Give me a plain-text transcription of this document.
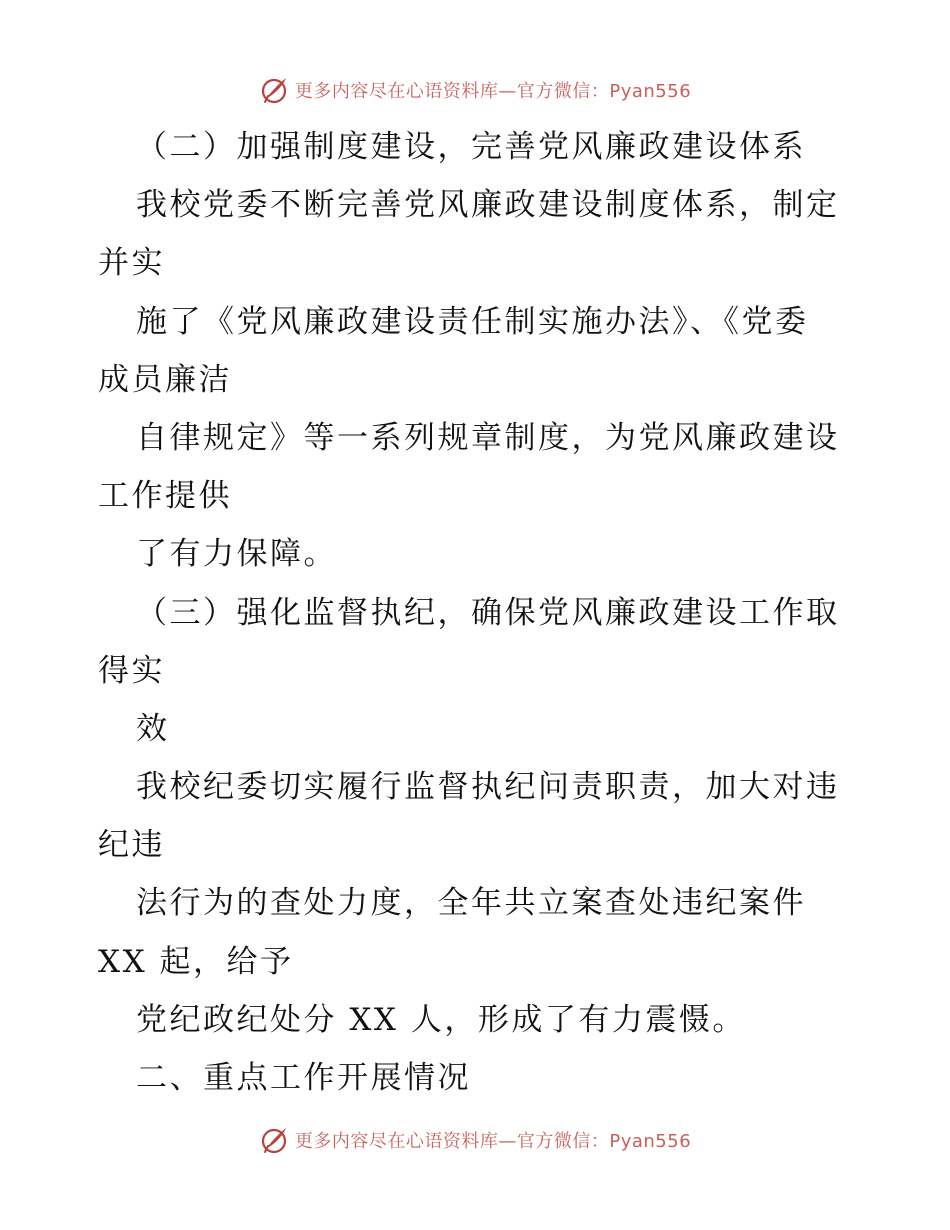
更多内容尽在心语资料库—官方微信：Pyan556
（二）加强制度建设，完善党风廉政建设体系
我校党委不断完善党风廉政建设制度体系，制定
并实
施了《党风廉政建设责任制实施办法》、《党委
成员廉洁
自律规定》等一系列规章制度，为党风廉政建设
工作提供
了有力保障。
（三）强化监督执纪，确保党风廉政建设工作取
得实
效
我校纪委切实履行监督执纪问责职责，加大对违
纪违
法行为的查处力度，全年共立案查处违纪案件
XX 起，给予
党纪政纪处分 XX 人，形成了有力震慑。
二、重点工作开展情况
更多内容尽在心语资料库—官方微信：Pyan556
